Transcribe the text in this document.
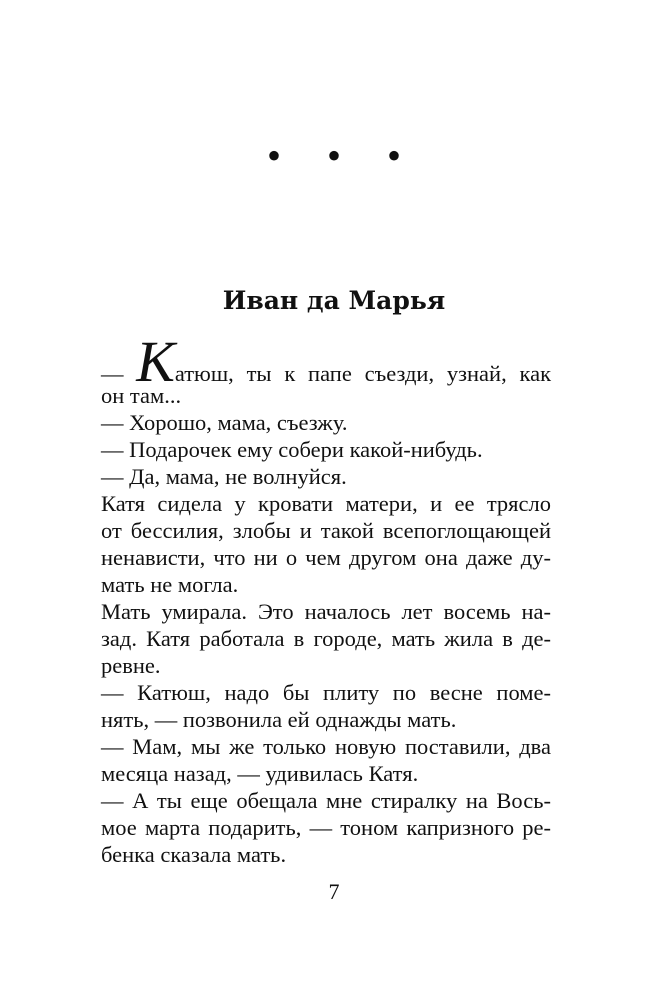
• • •
Иван да Марья
— Катюш, ты к папе съезди, узнай, как
он там...
— Хорошо, мама, съезжу.
— Подарочек ему собери какой-нибудь.
— Да, мама, не волнуйся.
Катя сидела у кровати матери, и ее трясло
от бессилия, злобы и такой всепоглощающей
ненависти, что ни о чем другом она даже ду-
мать не могла.
Мать умирала. Это началось лет восемь на-
зад. Катя работала в городе, мать жила в де-
ревне.
— Катюш, надо бы плиту по весне поме-
нять, — позвонила ей однажды мать.
— Мам, мы же только новую поставили, два
месяца назад, — удивилась Катя.
— А ты еще обещала мне стиралку на Вось-
мое марта подарить, — тоном капризного ре-
бенка сказала мать.
7
